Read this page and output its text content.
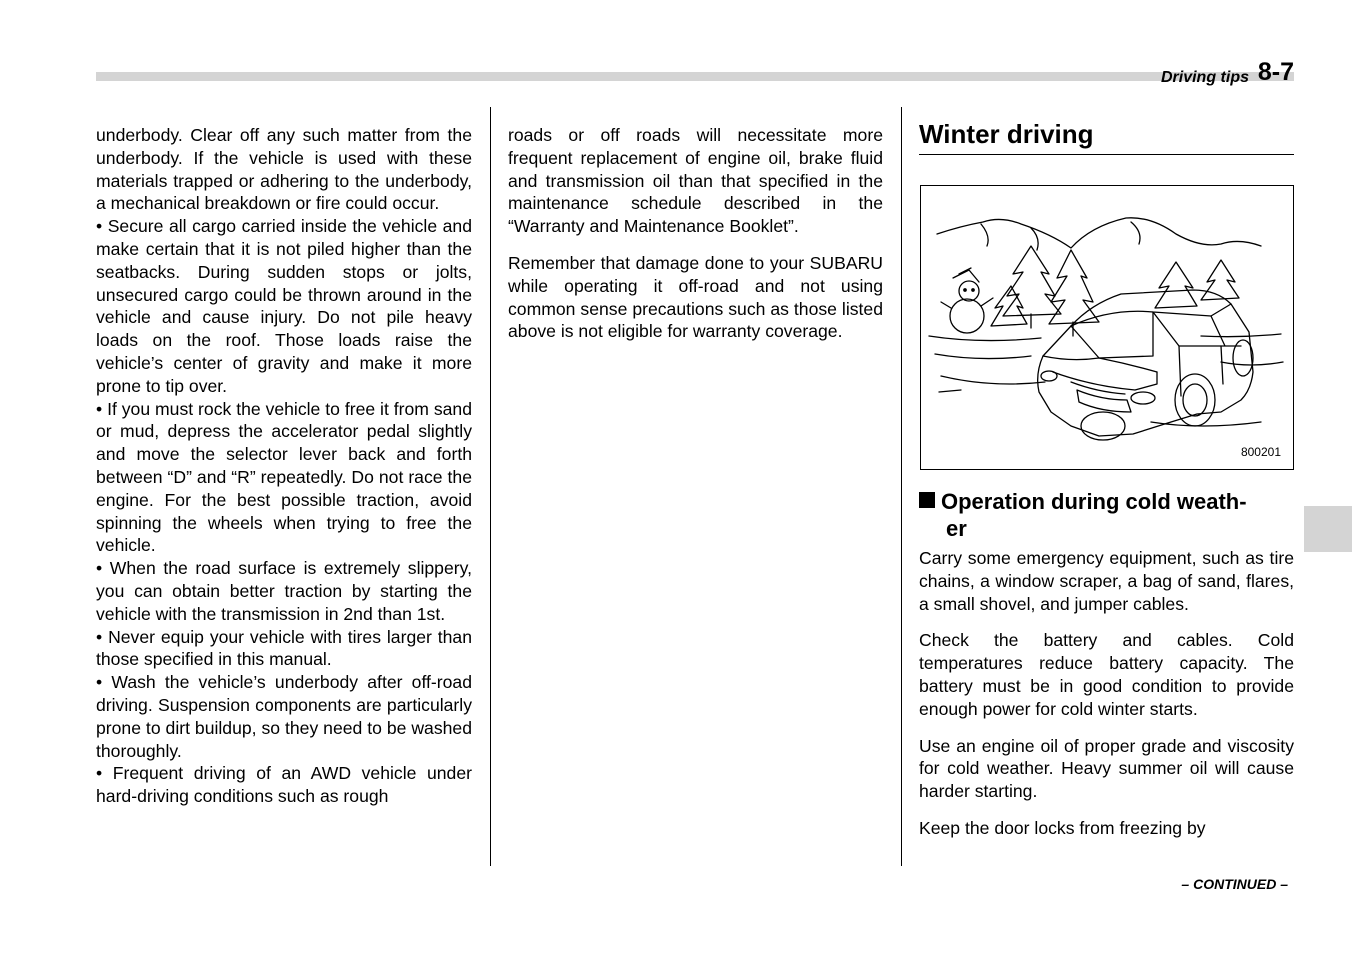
Driving tips 8-7

underbody. Clear off any such matter from the underbody. If the vehicle is used with these materials trapped or adhering to the underbody, a mechanical breakdown or fire could occur.

• Secure all cargo carried inside the vehicle and make certain that it is not piled higher than the seatbacks. During sudden stops or jolts, unsecured cargo could be thrown around in the vehicle and cause injury. Do not pile heavy loads on the roof. Those loads raise the vehicle’s center of gravity and make it more prone to tip over.

• If you must rock the vehicle to free it from sand or mud, depress the accelerator pedal slightly and move the selector lever back and forth between “D” and “R” repeatedly. Do not race the engine. For the best possible traction, avoid spinning the wheels when trying to free the vehicle.

• When the road surface is extremely slippery, you can obtain better traction by starting the vehicle with the transmission in 2nd than 1st.

• Never equip your vehicle with tires larger than those specified in this manual.

• Wash the vehicle’s underbody after off-road driving. Suspension components are particularly prone to dirt buildup, so they need to be washed thoroughly.

• Frequent driving of an AWD vehicle under hard-driving conditions such as rough

roads or off roads will necessitate more frequent replacement of engine oil, brake fluid and transmission oil than that specified in the maintenance schedule described in the “Warranty and Maintenance Booklet”.

Remember that damage done to your SUBARU while operating it off-road and not using common sense precautions such as those listed above is not eligible for warranty coverage.

Winter driving
800201
Operation during cold weath-
er

Carry some emergency equipment, such as tire chains, a window scraper, a bag of sand, flares, a small shovel, and jumper cables.

Check the battery and cables. Cold temperatures reduce battery capacity. The battery must be in good condition to provide enough power for cold winter starts.

Use an engine oil of proper grade and viscosity for cold weather. Heavy summer oil will cause harder starting.

Keep the door locks from freezing by

– CONTINUED –
